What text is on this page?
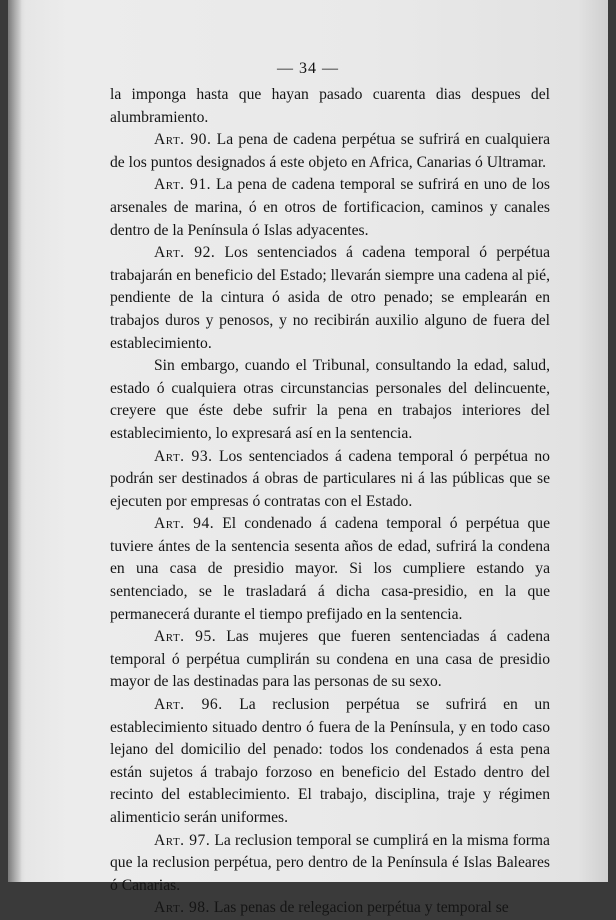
— 34 —

la imponga hasta que hayan pasado cuarenta dias despues del alumbramiento.

Art. 90. La pena de cadena perpétua se sufrirá en cualquiera de los puntos designados á este objeto en Africa, Canarias ó Ultramar.

Art. 91. La pena de cadena temporal se sufrirá en uno de los arsenales de marina, ó en otros de fortificacion, caminos y canales dentro de la Península ó Islas adyacentes.

Art. 92. Los sentenciados á cadena temporal ó perpétua trabajarán en beneficio del Estado; llevarán siempre una cadena al pié, pendiente de la cintura ó asida de otro penado; se emplearán en trabajos duros y penosos, y no recibirán auxilio alguno de fuera del establecimiento.

Sin embargo, cuando el Tribunal, consultando la edad, salud, estado ó cualquiera otras circunstancias personales del delincuente, creyere que éste debe sufrir la pena en trabajos interiores del establecimiento, lo expresará así en la sentencia.

Art. 93. Los sentenciados á cadena temporal ó perpétua no podrán ser destinados á obras de particulares ni á las públicas que se ejecuten por empresas ó contratas con el Estado.

Art. 94. El condenado á cadena temporal ó perpétua que tuviere ántes de la sentencia sesenta años de edad, sufrirá la condena en una casa de presidio mayor. Si los cumpliere estando ya sentenciado, se le trasladará á dicha casa-presidio, en la que permanecerá durante el tiempo prefijado en la sentencia.

Art. 95. Las mujeres que fueren sentenciadas á cadena temporal ó perpétua cumplirán su condena en una casa de presidio mayor de las destinadas para las personas de su sexo.

Art. 96. La reclusion perpétua se sufrirá en un establecimiento situado dentro ó fuera de la Península, y en todo caso lejano del domicilio del penado: todos los condenados á esta pena están sujetos á trabajo forzoso en beneficio del Estado dentro del recinto del establecimiento. El trabajo, disciplina, traje y régimen alimenticio serán uniformes.

Art. 97. La reclusion temporal se cumplirá en la misma forma que la reclusion perpétua, pero dentro de la Península é Islas Baleares ó Canarias.

Art. 98. Las penas de relegacion perpétua y temporal se
